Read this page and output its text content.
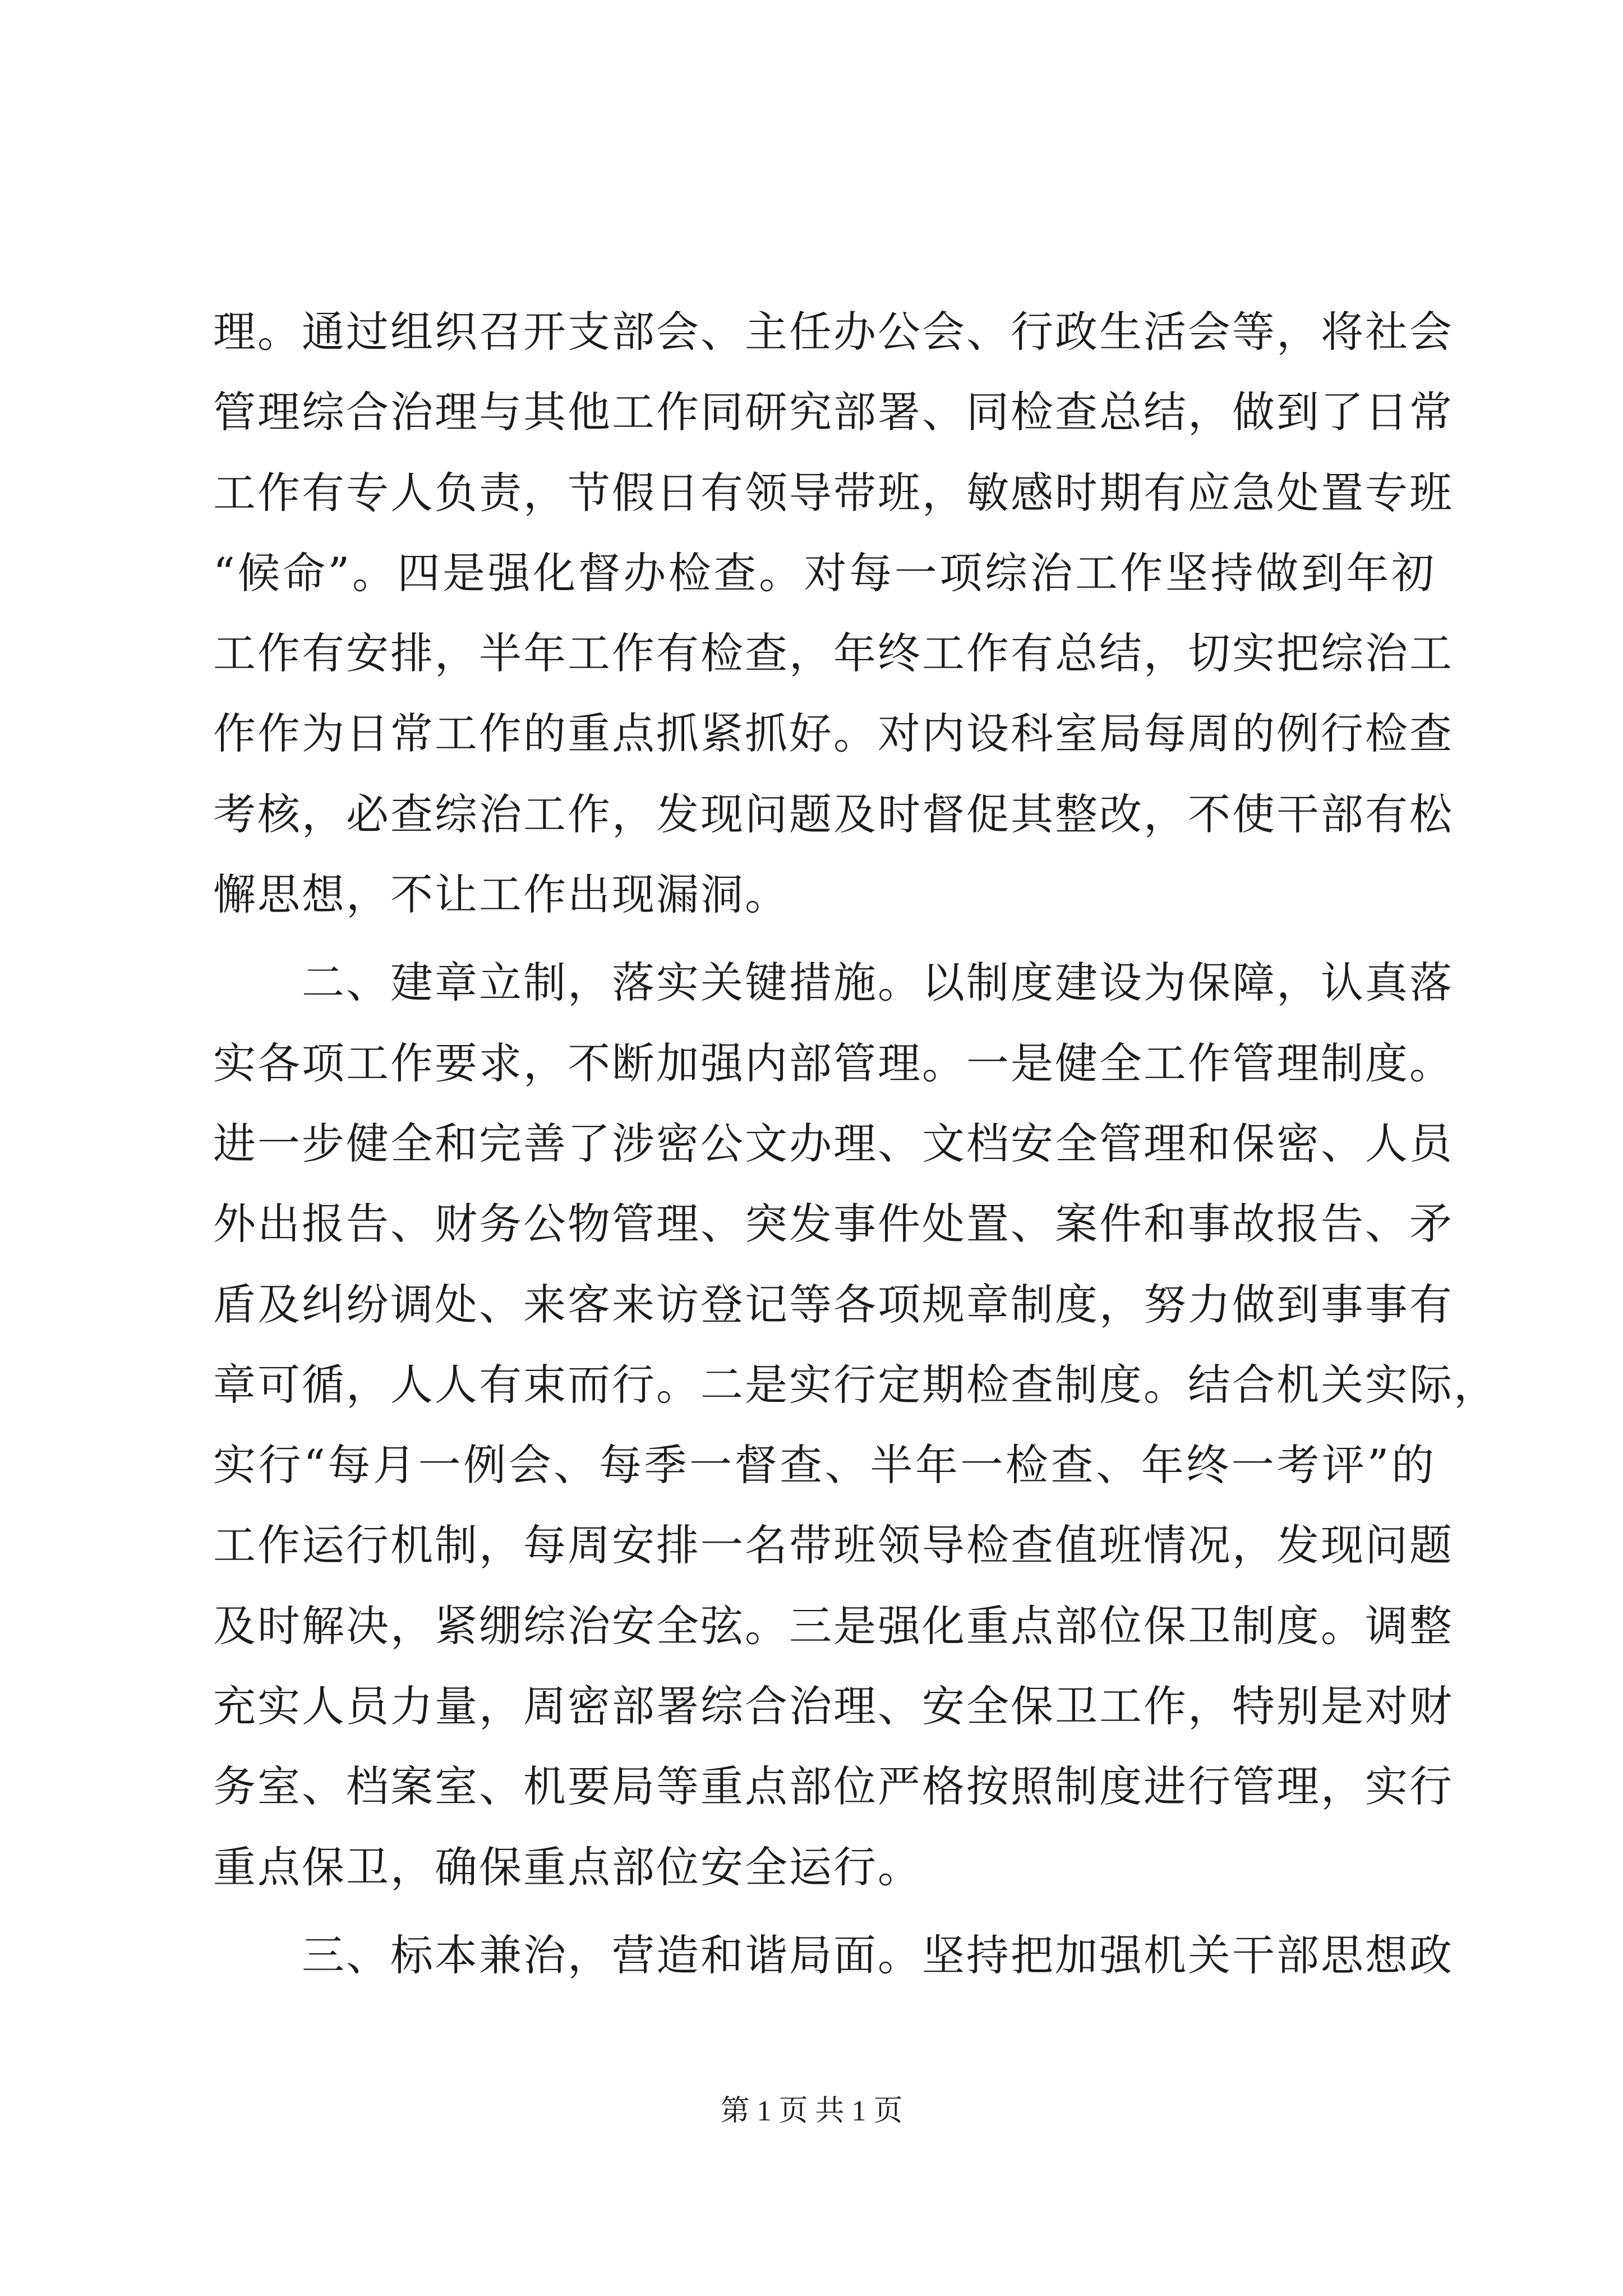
理。通过组织召开支部会、主任办公会、行政生活会等，将社会
管理综合治理与其他工作同研究部署、同检查总结，做到了日常
工作有专人负责，节假日有领导带班，敏感时期有应急处置专班
“候命”。四是强化督办检查。对每一项综治工作坚持做到年初
工作有安排，半年工作有检查，年终工作有总结，切实把综治工
作作为日常工作的重点抓紧抓好。对内设科室局每周的例行检查
考核，必查综治工作，发现问题及时督促其整改，不使干部有松
懈思想，不让工作出现漏洞。
　　二、建章立制，落实关键措施。以制度建设为保障，认真落
实各项工作要求，不断加强内部管理。一是健全工作管理制度。
进一步健全和完善了涉密公文办理、文档安全管理和保密、人员
外出报告、财务公物管理、突发事件处置、案件和事故报告、矛
盾及纠纷调处、来客来访登记等各项规章制度，努力做到事事有
章可循，人人有束而行。二是实行定期检查制度。结合机关实际，
实行“每月一例会、每季一督查、半年一检查、年终一考评”的
工作运行机制，每周安排一名带班领导检查值班情况，发现问题
及时解决，紧绷综治安全弦。三是强化重点部位保卫制度。调整
充实人员力量，周密部署综合治理、安全保卫工作，特别是对财
务室、档案室、机要局等重点部位严格按照制度进行管理，实行
重点保卫，确保重点部位安全运行。
　　三、标本兼治，营造和谐局面。坚持把加强机关干部思想政
第 1 页 共 1 页
